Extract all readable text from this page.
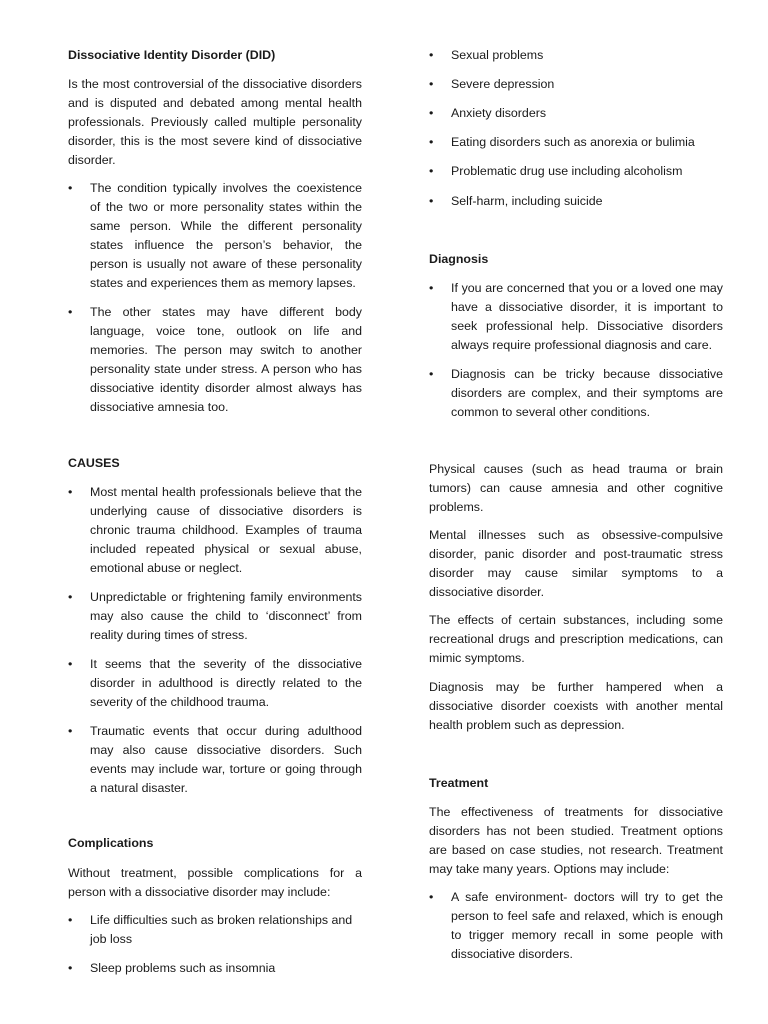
Dissociative Identity Disorder (DID)

Is the most controversial of the dissociative disorders and is disputed and debated among mental health professionals. Previously called multiple personality disorder, this is the most severe kind of dissociative disorder.

• The condition typically involves the coexistence of the two or more personality states within the same person. While the different personality states influence the person’s behavior, the person is usually not aware of these personality states and experiences them as memory lapses.
• The other states may have different body language, voice tone, outlook on life and memories. The person may switch to another personality state under stress. A person who has dissociative identity disorder almost always has dissociative amnesia too.
CAUSES
• Most mental health professionals believe that the underlying cause of dissociative disorders is chronic trauma childhood. Examples of trauma included repeated physical or sexual abuse, emotional abuse or neglect.
• Unpredictable or frightening family environments may also cause the child to ‘disconnect’ from reality during times of stress.
• It seems that the severity of the dissociative disorder in adulthood is directly related to the severity of the childhood trauma.
• Traumatic events that occur during adulthood may also cause dissociative disorders. Such events may include war, torture or going through a natural disaster.
Complications

Without treatment, possible complications for a person with a dissociative disorder may include:

• Life difficulties such as broken relationships and job loss
• Sleep problems such as insomnia
• Sexual problems
• Severe depression
• Anxiety disorders
• Eating disorders such as anorexia or bulimia
• Problematic drug use including alcoholism
• Self-harm, including suicide
Diagnosis
• If you are concerned that you or a loved one may have a dissociative disorder, it is important to seek professional help. Dissociative disorders always require professional diagnosis and care.
• Diagnosis can be tricky because dissociative disorders are complex, and their symptoms are common to several other conditions.

Physical causes (such as head trauma or brain tumors) can cause amnesia and other cognitive problems.

Mental illnesses such as obsessive-compulsive disorder, panic disorder and post-traumatic stress disorder may cause similar symptoms to a dissociative disorder.

The effects of certain substances, including some recreational drugs and prescription medications, can mimic symptoms.

Diagnosis may be further hampered when a dissociative disorder coexists with another mental health problem such as depression.

Treatment

The effectiveness of treatments for dissociative disorders has not been studied. Treatment options are based on case studies, not research. Treatment may take many years. Options may include:

• A safe environment- doctors will try to get the person to feel safe and relaxed, which is enough to trigger memory recall in some people with dissociative disorders.
